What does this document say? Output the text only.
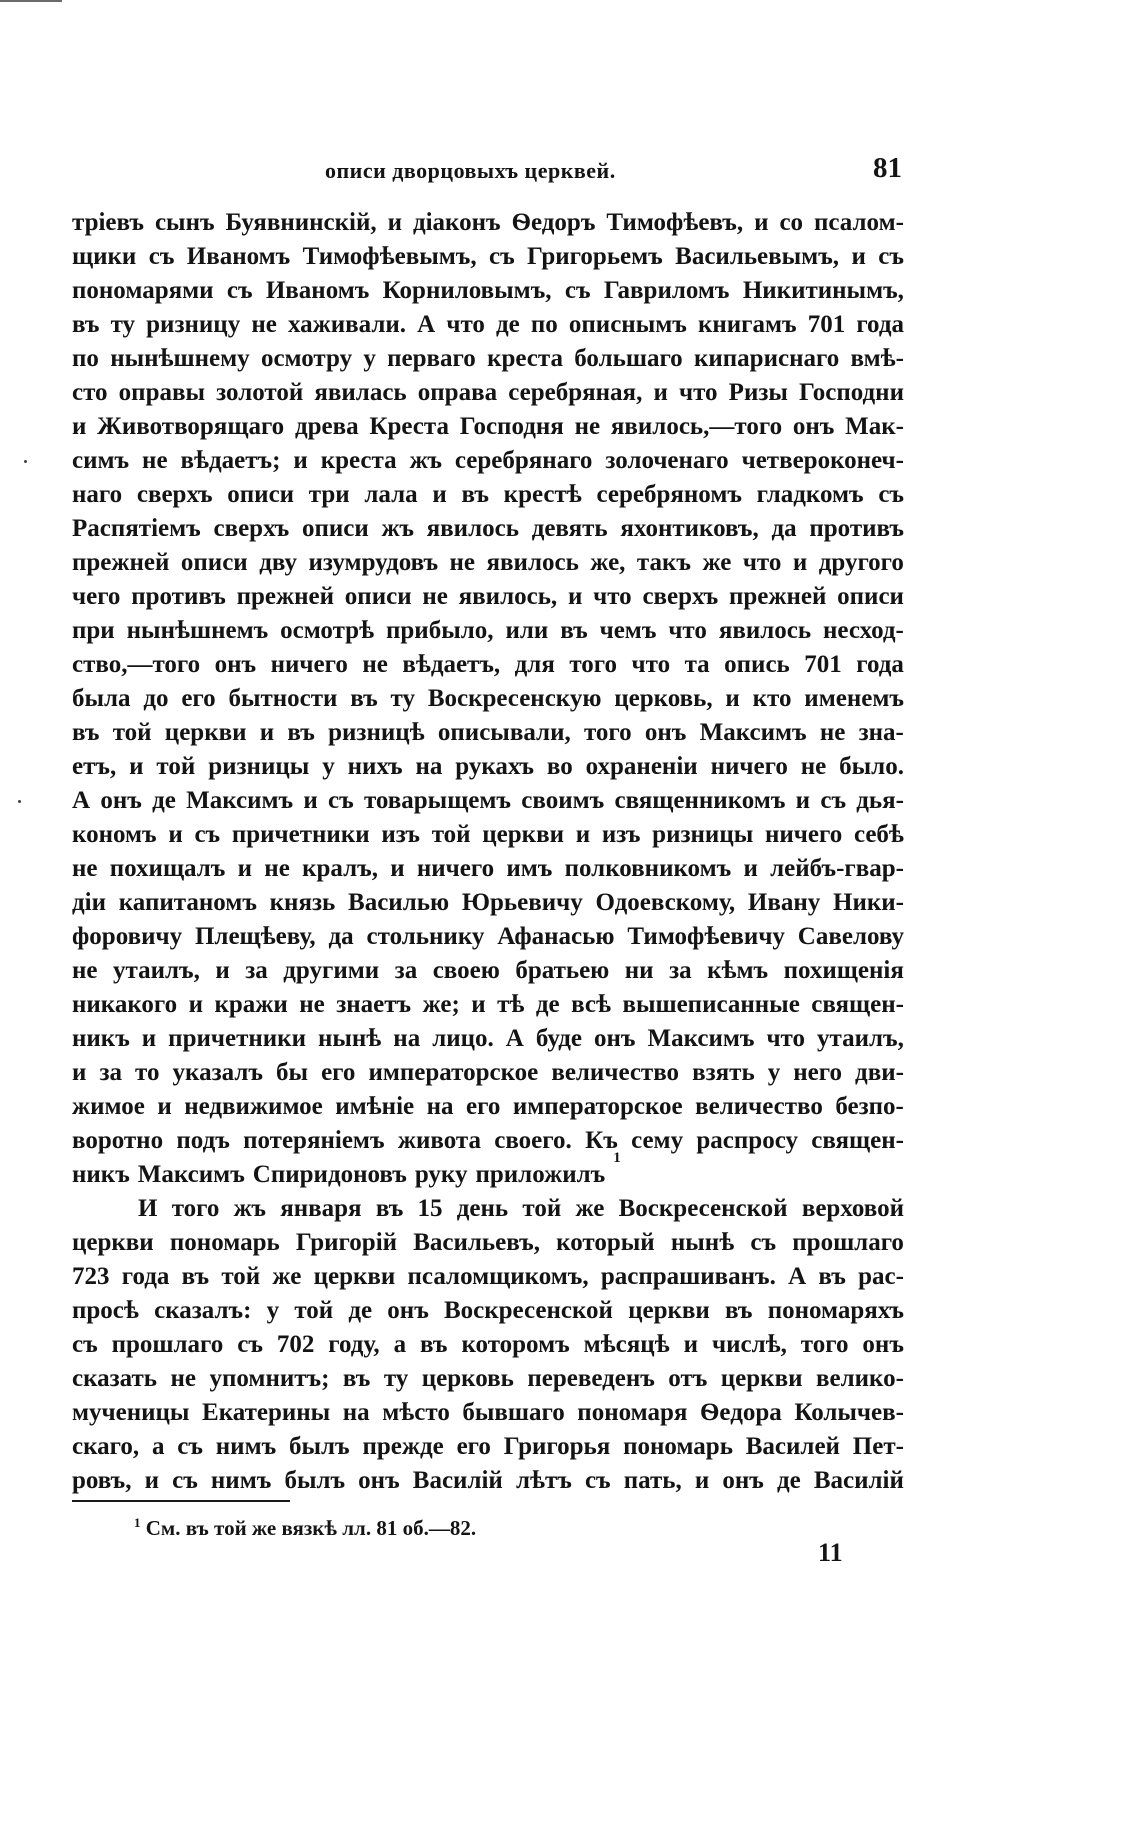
описи дворцовыхъ церквей.	81
тріевъ сынъ Буявнинскій, и діаконъ Ѳедоръ Тимофѣевъ, и со псалом-
щики съ Иваномъ Тимофѣевымъ, съ Григорьемъ Васильевымъ, и съ
пономарями съ Иваномъ Корниловымъ, съ Гавриломъ Никитинымъ,
въ ту ризницу не хаживали. А что де по описнымъ книгамъ 701 года
по нынѣшнему осмотру у перваго креста большаго кипариснаго вмѣ-
сто оправы золотой явилась оправа серебряная, и что Ризы Господни
и Животворящаго древа Креста Господня не явилось,—того онъ Мак-
симъ не вѣдаетъ; и креста жъ серебрянаго золоченаго четвероконеч-
наго сверхъ описи три лала и въ крестѣ серебряномъ гладкомъ съ
Распятіемъ сверхъ описи жъ явилось девять яхонтиковъ, да противъ
прежней описи дву изумрудовъ не явилось же, такъ же что и другого
чего противъ прежней описи не явилось, и что сверхъ прежней описи
при нынѣшнемъ осмотрѣ прибыло, или въ чемъ что явилось несход-
ство,—того онъ ничего не вѣдаетъ, для того что та опись 701 года
была до его бытности въ ту Воскресенскую церковь, и кто именемъ
въ той церкви и въ ризницѣ описывали, того онъ Максимъ не зна-
етъ, и той ризницы у нихъ на рукахъ во охраненіи ничего не было.
А онъ де Максимъ и съ товарыщемъ своимъ священникомъ и съ дья-
кономъ и съ причетники изъ той церкви и изъ ризницы ничего себѣ
не похищалъ и не кралъ, и ничего имъ полковникомъ и лейбъ-гвар-
діи капитаномъ князь Василью Юрьевичу Одоевскому, Ивану Ники-
форовичу Плещѣеву, да стольнику Афанасью Тимофѣевичу Савелову
не утаилъ, и за другими за своею братьею ни за кѣмъ похищенія
никакого и кражи не знаетъ же; и тѣ де всѣ вышеписанные священ-
никъ и причетники нынѣ на лицо. А буде онъ Максимъ что утаилъ,
и за то указалъ бы его императорское величество взять у него дви-
жимое и недвижимое имѣніе на его императорское величество безпо-
воротно подъ потеряніемъ живота своего. Къ сему распросу священ-
никъ Максимъ Спиридоновъ руку приложилъ
1
И того жъ января въ 15 день той же Воскресенской верховой
церкви пономарь Григорій Васильевъ, который нынѣ съ прошлаго
723 года въ той же церкви псаломщикомъ, распрашиванъ. А въ рас-
просѣ сказалъ: у той де онъ Воскресенской церкви въ пономаряхъ
съ прошлаго съ 702 году, а въ которомъ мѣсяцѣ и числѣ, того онъ
сказать не упомнитъ; въ ту церковь переведенъ отъ церкви велико-
мученицы Екатерины на мѣсто бывшаго пономаря Ѳедора Колычев-
скаго, а съ нимъ былъ прежде его Григорья пономарь Василей Пет-
ровъ, и съ нимъ былъ онъ Василій лѣтъ съ пать, и онъ де Василій
$^1$ См. въ той же вязкѣ лл. 81 об.—82.
11
